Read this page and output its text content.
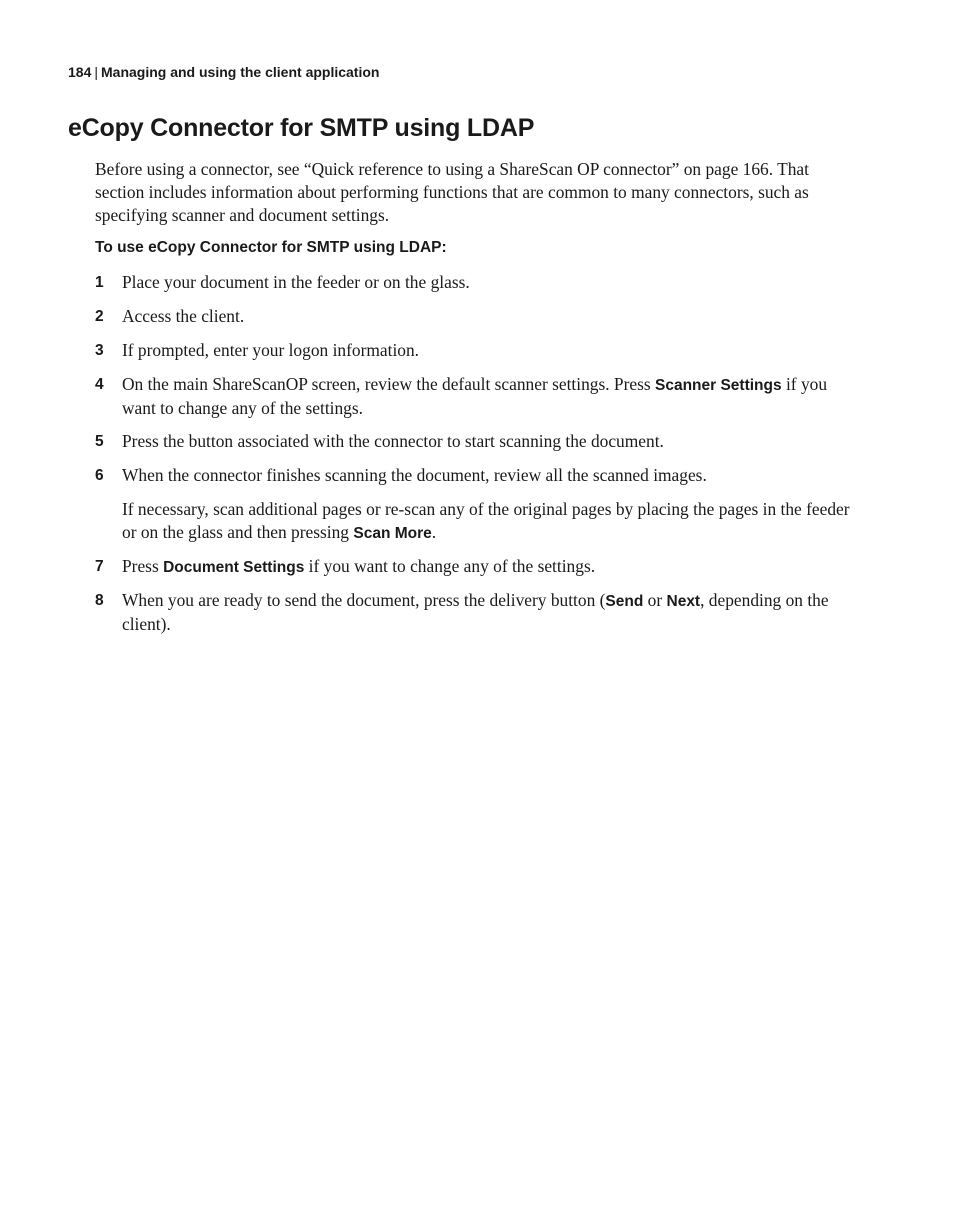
184 | Managing and using the client application
eCopy Connector for SMTP using LDAP

Before using a connector, see “Quick reference to using a ShareScan OP connector” on page 166. That section includes information about performing functions that are common to many connectors, such as specifying scanner and document settings.

To use eCopy Connector for SMTP using LDAP:

1 Place your document in the feeder or on the glass.
2 Access the client.
3 If prompted, enter your logon information.
4 On the main ShareScanOP screen, review the default scanner settings. Press Scanner Settings if you want to change any of the settings.
5 Press the button associated with the connector to start scanning the document.
6 When the connector finishes scanning the document, review all the scanned images.

If necessary, scan additional pages or re-scan any of the original pages by placing the pages in the feeder or on the glass and then pressing Scan More.

7 Press Document Settings if you want to change any of the settings.
8 When you are ready to send the document, press the delivery button (Send or Next, depending on the client).
